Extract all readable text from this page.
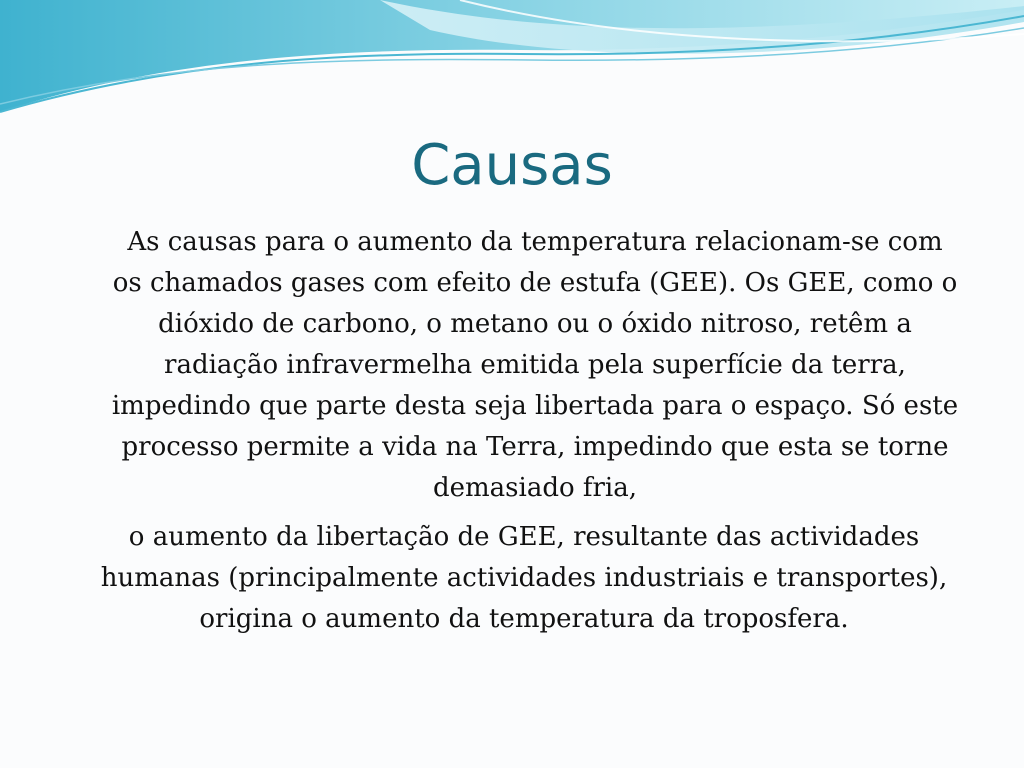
Causas

As causas para o aumento da temperatura relacionam-se com os chamados gases com efeito de estufa (GEE). Os GEE, como o dióxido de carbono, o metano ou o óxido nitroso, retêm a radiação infravermelha emitida pela superfície da terra, impedindo que parte desta seja libertada para o espaço. Só este processo permite a vida na Terra, impedindo que esta se torne demasiado fria,

o aumento da libertação de GEE, resultante das actividades humanas (principalmente actividades industriais e transportes), origina o aumento da temperatura da troposfera.
